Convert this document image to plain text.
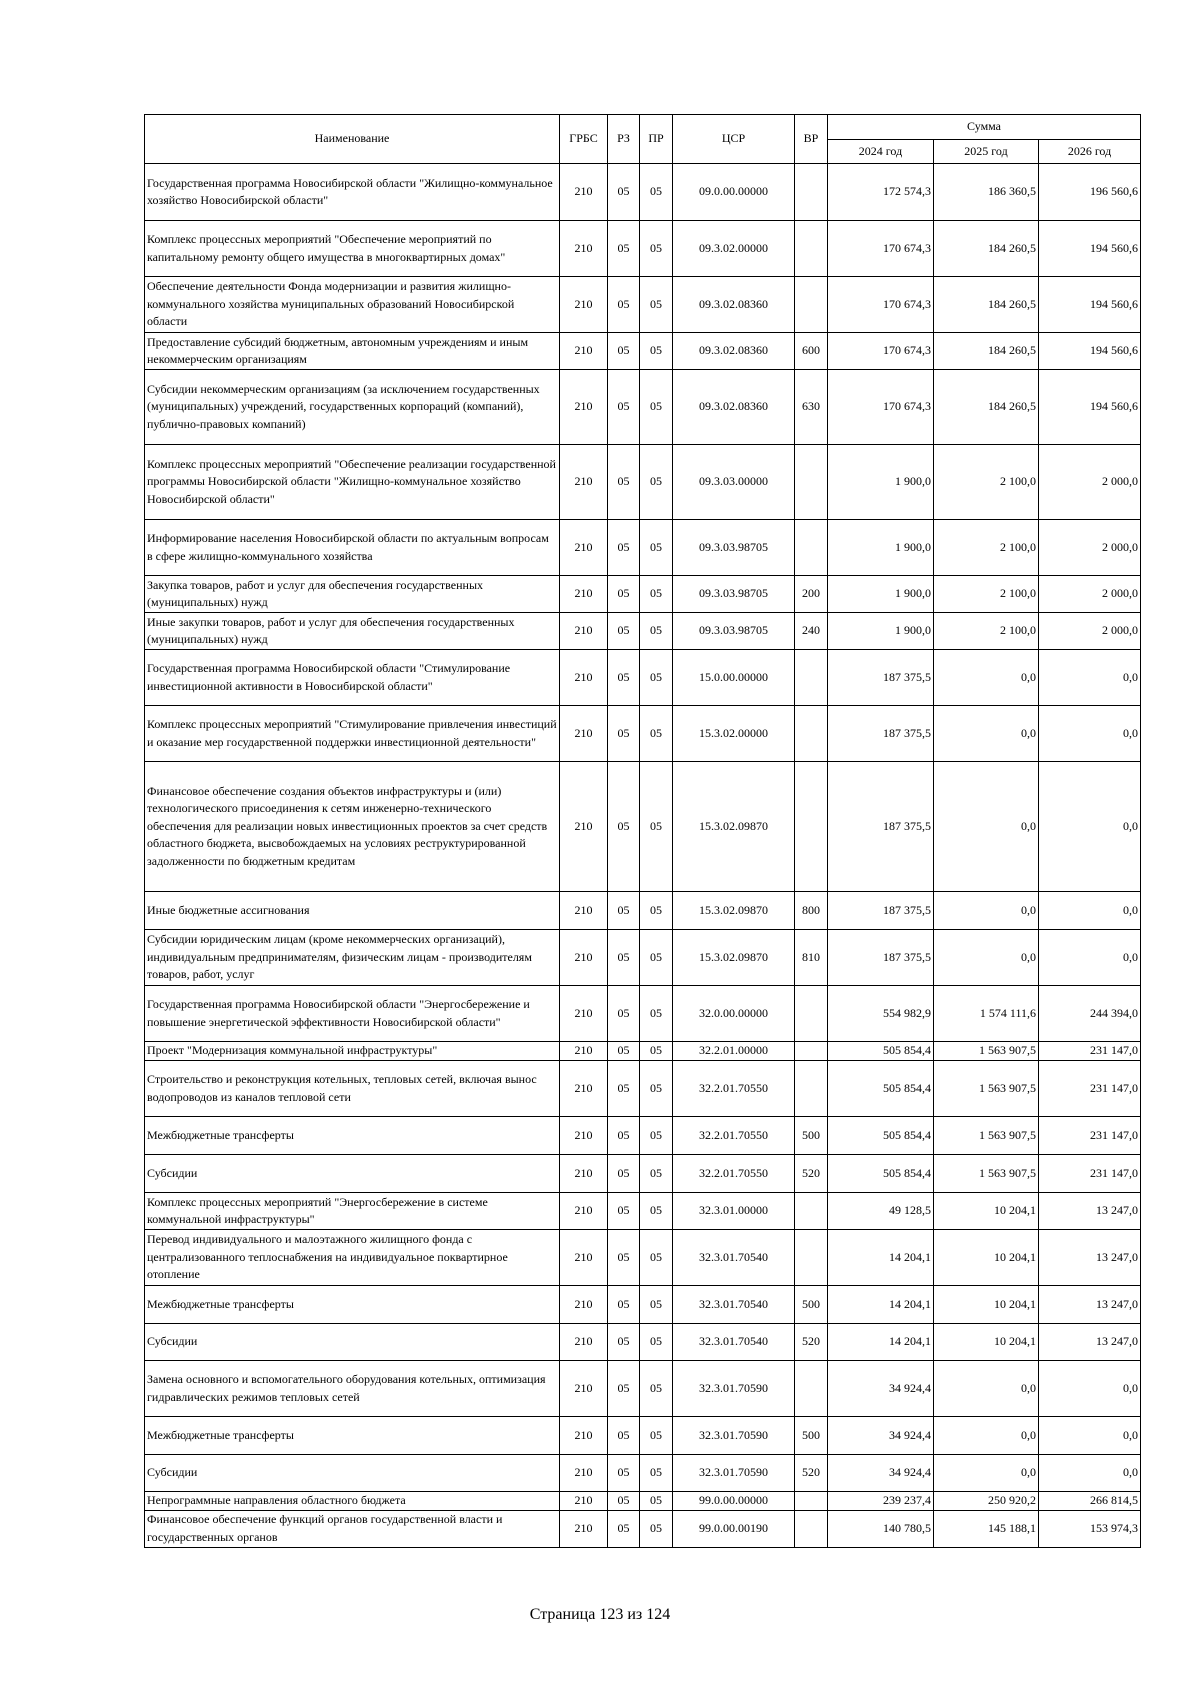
Наименование	ГРБС	РЗ	ПР	ЦСР	ВР	Сумма		
						2024 год	2025 год	2026 год
Государственная программа Новосибирской области "Жилищно-коммунальное хозяйство Новосибирской области"	210	05	05	09.0.00.00000		172 574,3	186 360,5	196 560,6
Комплекс процессных мероприятий "Обеспечение мероприятий по капитальному ремонту общего имущества в многоквартирных домах"	210	05	05	09.3.02.00000		170 674,3	184 260,5	194 560,6
Обеспечение деятельности Фонда модернизации и развития жилищно-коммунального хозяйства муниципальных образований Новосибирской области	210	05	05	09.3.02.08360		170 674,3	184 260,5	194 560,6
Предоставление субсидий бюджетным, автономным учреждениям и иным некоммерческим организациям	210	05	05	09.3.02.08360	600	170 674,3	184 260,5	194 560,6
Субсидии некоммерческим организациям (за исключением государственных (муниципальных) учреждений, государственных корпораций (компаний), публично-правовых компаний)	210	05	05	09.3.02.08360	630	170 674,3	184 260,5	194 560,6
Комплекс процессных мероприятий "Обеспечение реализации государственной программы Новосибирской области "Жилищно-коммунальное хозяйство Новосибирской области"	210	05	05	09.3.03.00000		1 900,0	2 100,0	2 000,0
Информирование населения Новосибирской области по актуальным вопросам в сфере жилищно-коммунального хозяйства	210	05	05	09.3.03.98705		1 900,0	2 100,0	2 000,0
Закупка товаров, работ и услуг для обеспечения государственных (муниципальных) нужд	210	05	05	09.3.03.98705	200	1 900,0	2 100,0	2 000,0
Иные закупки товаров, работ и услуг для обеспечения государственных (муниципальных) нужд	210	05	05	09.3.03.98705	240	1 900,0	2 100,0	2 000,0
Государственная программа Новосибирской области "Стимулирование инвестиционной активности в Новосибирской области"	210	05	05	15.0.00.00000		187 375,5	0,0	0,0
Комплекс процессных мероприятий "Стимулирование привлечения инвестиций и оказание мер государственной поддержки инвестиционной деятельности"	210	05	05	15.3.02.00000		187 375,5	0,0	0,0
Финансовое обеспечение создания объектов инфраструктуры и (или) технологического присоединения к сетям инженерно-технического обеспечения для реализации новых инвестиционных проектов за счет средств областного бюджета, высвобождаемых на условиях реструктурированной задолженности по бюджетным кредитам	210	05	05	15.3.02.09870		187 375,5	0,0	0,0
Иные бюджетные ассигнования	210	05	05	15.3.02.09870	800	187 375,5	0,0	0,0
Субсидии юридическим лицам (кроме некоммерческих организаций), индивидуальным предпринимателям, физическим лицам - производителям товаров, работ, услуг	210	05	05	15.3.02.09870	810	187 375,5	0,0	0,0
Государственная программа Новосибирской области "Энергосбережение и повышение энергетической эффективности Новосибирской области"	210	05	05	32.0.00.00000		554 982,9	1 574 111,6	244 394,0
Проект "Модернизация коммунальной инфраструктуры"	210	05	05	32.2.01.00000		505 854,4	1 563 907,5	231 147,0
Строительство и реконструкция котельных, тепловых сетей, включая вынос водопроводов из каналов тепловой сети	210	05	05	32.2.01.70550		505 854,4	1 563 907,5	231 147,0
Межбюджетные трансферты	210	05	05	32.2.01.70550	500	505 854,4	1 563 907,5	231 147,0
Субсидии	210	05	05	32.2.01.70550	520	505 854,4	1 563 907,5	231 147,0
Комплекс процессных мероприятий "Энергосбережение в системе коммунальной инфраструктуры"	210	05	05	32.3.01.00000		49 128,5	10 204,1	13 247,0
Перевод индивидуального и малоэтажного жилищного фонда с централизованного теплоснабжения на индивидуальное поквартирное отопление	210	05	05	32.3.01.70540		14 204,1	10 204,1	13 247,0
Межбюджетные трансферты	210	05	05	32.3.01.70540	500	14 204,1	10 204,1	13 247,0
Субсидии	210	05	05	32.3.01.70540	520	14 204,1	10 204,1	13 247,0
Замена основного и вспомогательного оборудования котельных, оптимизация гидравлических режимов тепловых сетей	210	05	05	32.3.01.70590		34 924,4	0,0	0,0
Межбюджетные трансферты	210	05	05	32.3.01.70590	500	34 924,4	0,0	0,0
Субсидии	210	05	05	32.3.01.70590	520	34 924,4	0,0	0,0
Непрограммные направления областного бюджета	210	05	05	99.0.00.00000		239 237,4	250 920,2	266 814,5
Финансовое обеспечение функций органов государственной власти и государственных органов	210	05	05	99.0.00.00190		140 780,5	145 188,1	153 974,3
Страница 123 из 124
